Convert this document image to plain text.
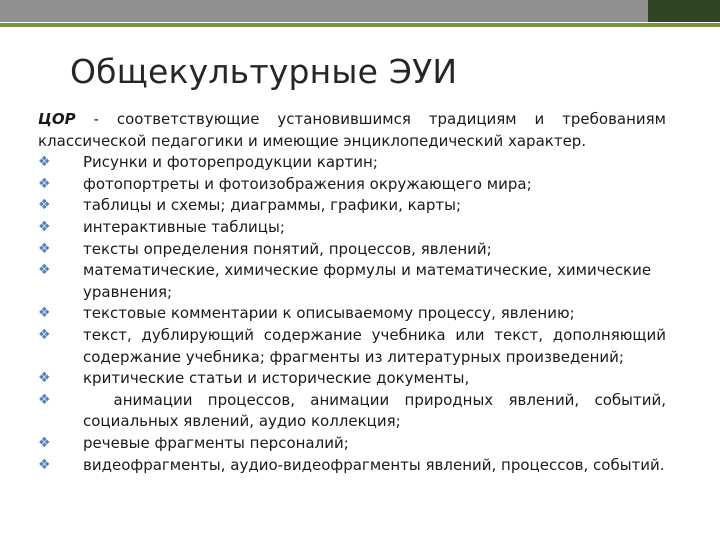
Общекультурные ЭУИ
ЦОР - соответствующие установившимся традициям и требованиям классической педагогики и имеющие энциклопедический характер.
❖ Рисунки и фоторепродукции картин;
❖ фотопортреты и фотоизображения окружающего мира;
❖ таблицы и схемы; диаграммы, графики, карты;
❖ интерактивные таблицы;
❖ тексты определения понятий, процессов, явлений;
❖ математические, химические формулы и математические, химические уравнения;
❖ текстовые комментарии к описываемому процессу, явлению;
❖ текст, дублирующий содержание учебника или текст, дополняющий содержание учебника; фрагменты из литературных произведений;
❖ критические статьи и исторические документы,
❖ анимации процессов, анимации природных явлений, событий, социальных явлений, аудио коллекция;
❖ речевые фрагменты персоналий;
❖ видеофрагменты, аудио-видеофрагменты явлений, процессов, событий.
